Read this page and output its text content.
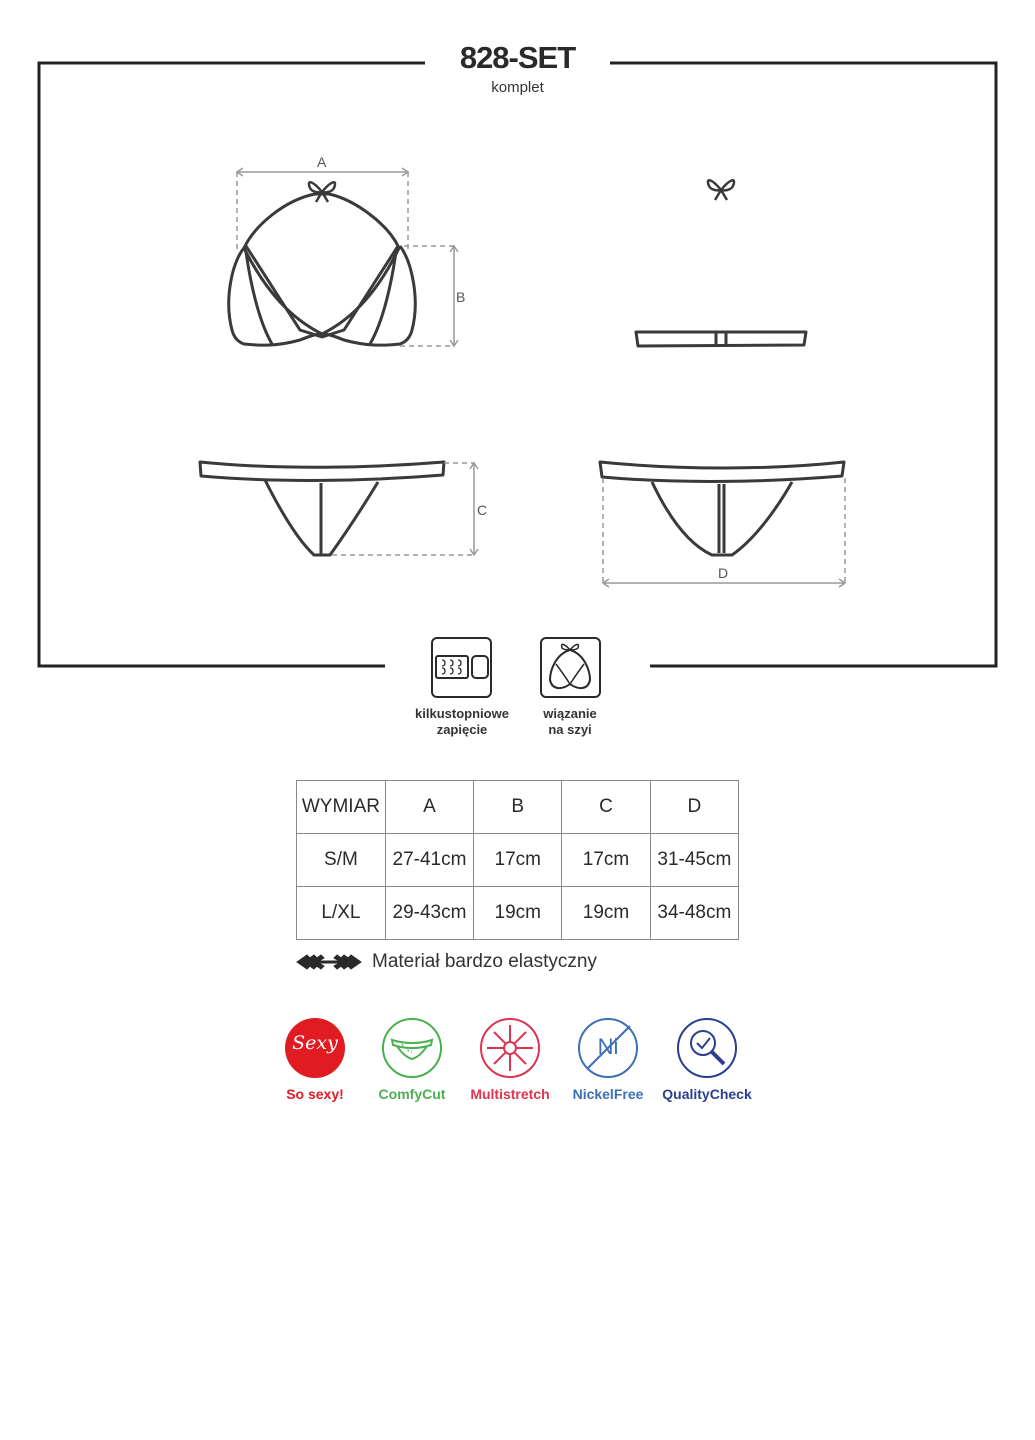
828-SET
komplet
A
B
C
D
kilkustopniowe
zapięcie
wiązanie
na szyi
WYMIAR	A	B	C	D
S/M	27-41cm	17cm	17cm	31-45cm
L/XL	29-43cm	19cm	19cm	34-48cm
Materiał bardzo elastyczny
Sexy	Ni
So sexy!	ComfyCut	Multistretch	NickelFree	QualityCheck
